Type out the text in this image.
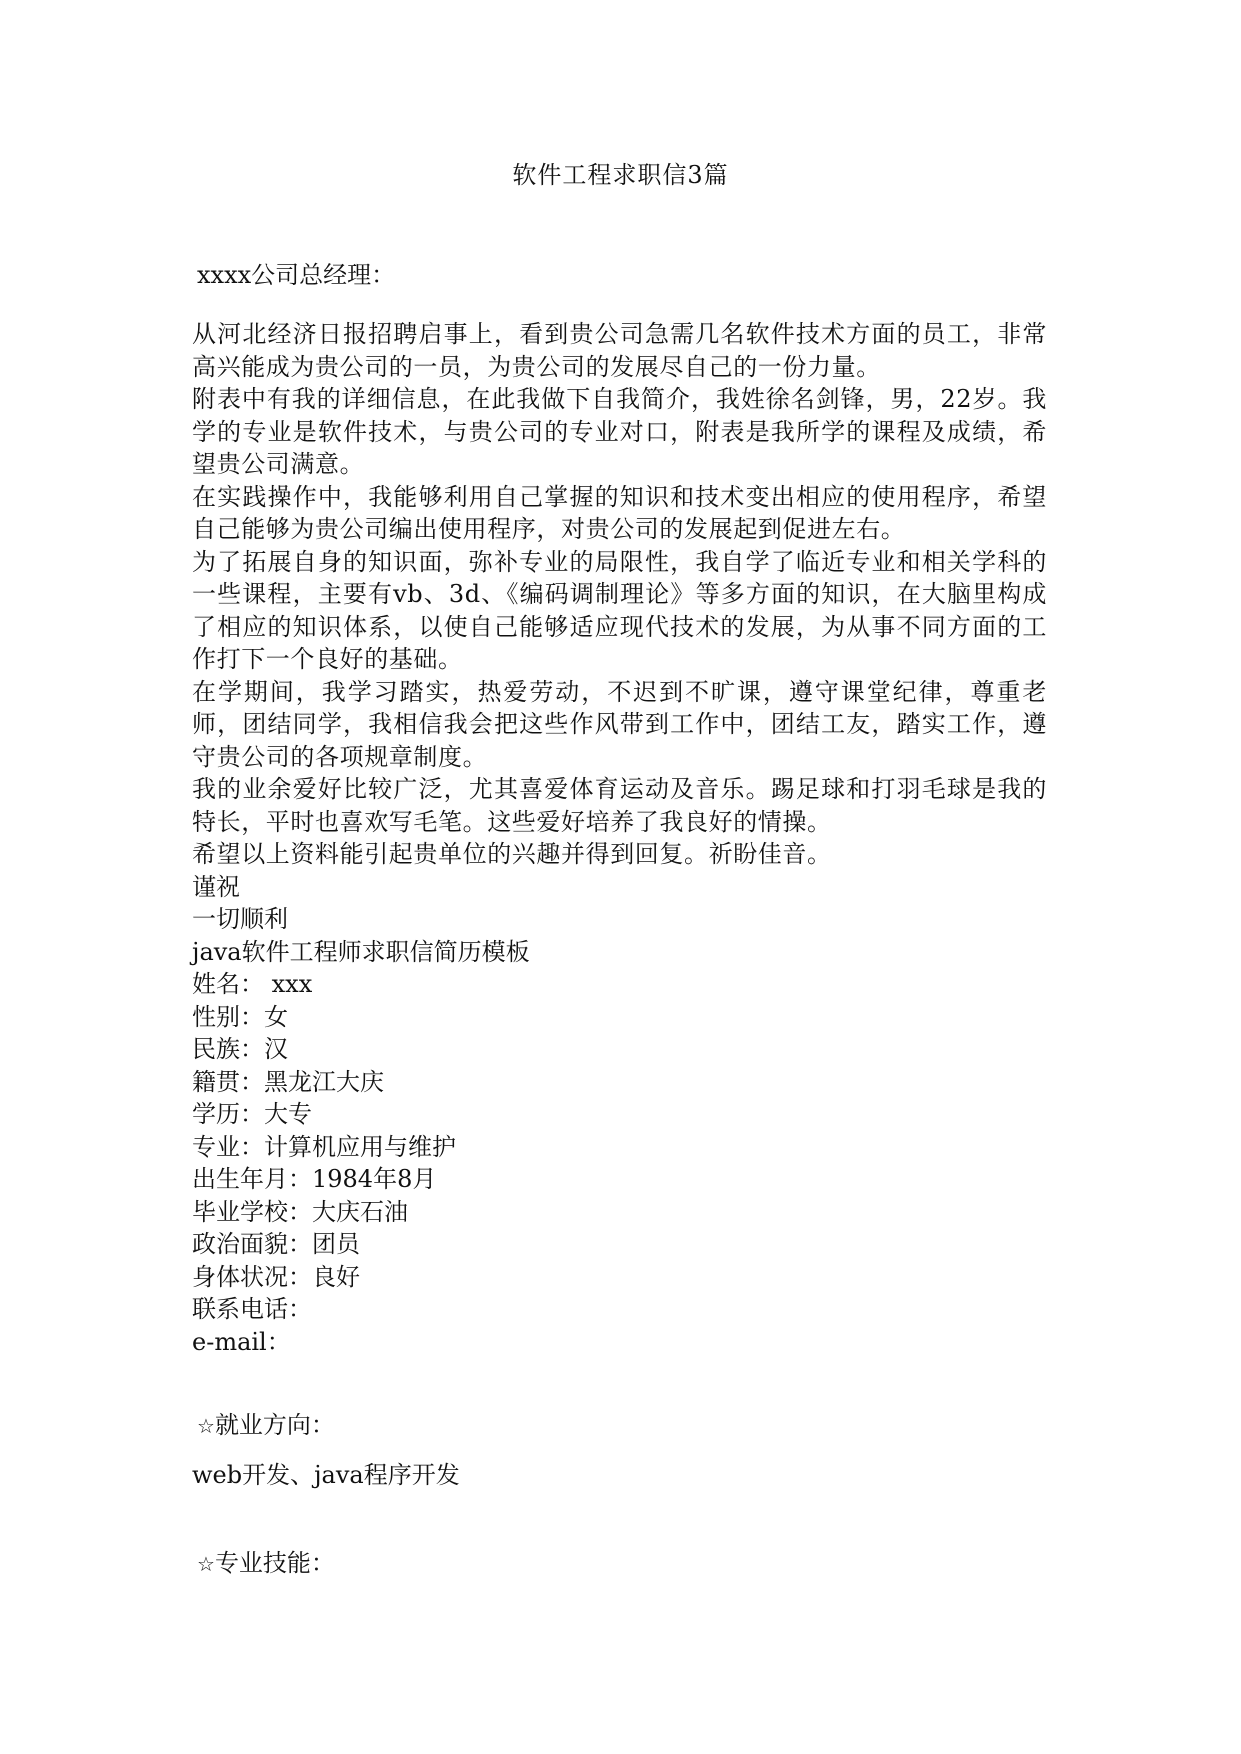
软件工程求职信3篇
xxxx公司总经理：

从河北经济日报招聘启事上，看到贵公司急需几名软件技术方面的员工，非常高兴能成为贵公司的一员，为贵公司的发展尽自己的一份力量。

附表中有我的详细信息，在此我做下自我简介，我姓徐名剑锋，男，22岁。我学的专业是软件技术，与贵公司的专业对口，附表是我所学的课程及成绩，希望贵公司满意。

在实践操作中，我能够利用自己掌握的知识和技术变出相应的使用程序，希望自己能够为贵公司编出使用程序，对贵公司的发展起到促进左右。

为了拓展自身的知识面，弥补专业的局限性，我自学了临近专业和相关学科的一些课程，主要有vb、3d、《编码调制理论》等多方面的知识，在大脑里构成了相应的知识体系，以使自己能够适应现代技术的发展，为从事不同方面的工作打下一个良好的基础。

在学期间，我学习踏实，热爱劳动，不迟到不旷课，遵守课堂纪律，尊重老师，团结同学，我相信我会把这些作风带到工作中，团结工友，踏实工作，遵守贵公司的各项规章制度。

我的业余爱好比较广泛，尤其喜爱体育运动及音乐。踢足球和打羽毛球是我的特长，平时也喜欢写毛笔。这些爱好培养了我良好的情操。

希望以上资料能引起贵单位的兴趣并得到回复。祈盼佳音。

谨祝

一切顺利

java软件工程师求职信简历模板

姓名： xxx

性别：女

民族：汉

籍贯：黑龙江大庆

学历：大专

专业：计算机应用与维护

出生年月：1984年8月

毕业学校：大庆石油

政治面貌：团员

身体状况：良好

联系电话：

e-mail：

☆就业方向：
web开发、java程序开发
☆专业技能：
